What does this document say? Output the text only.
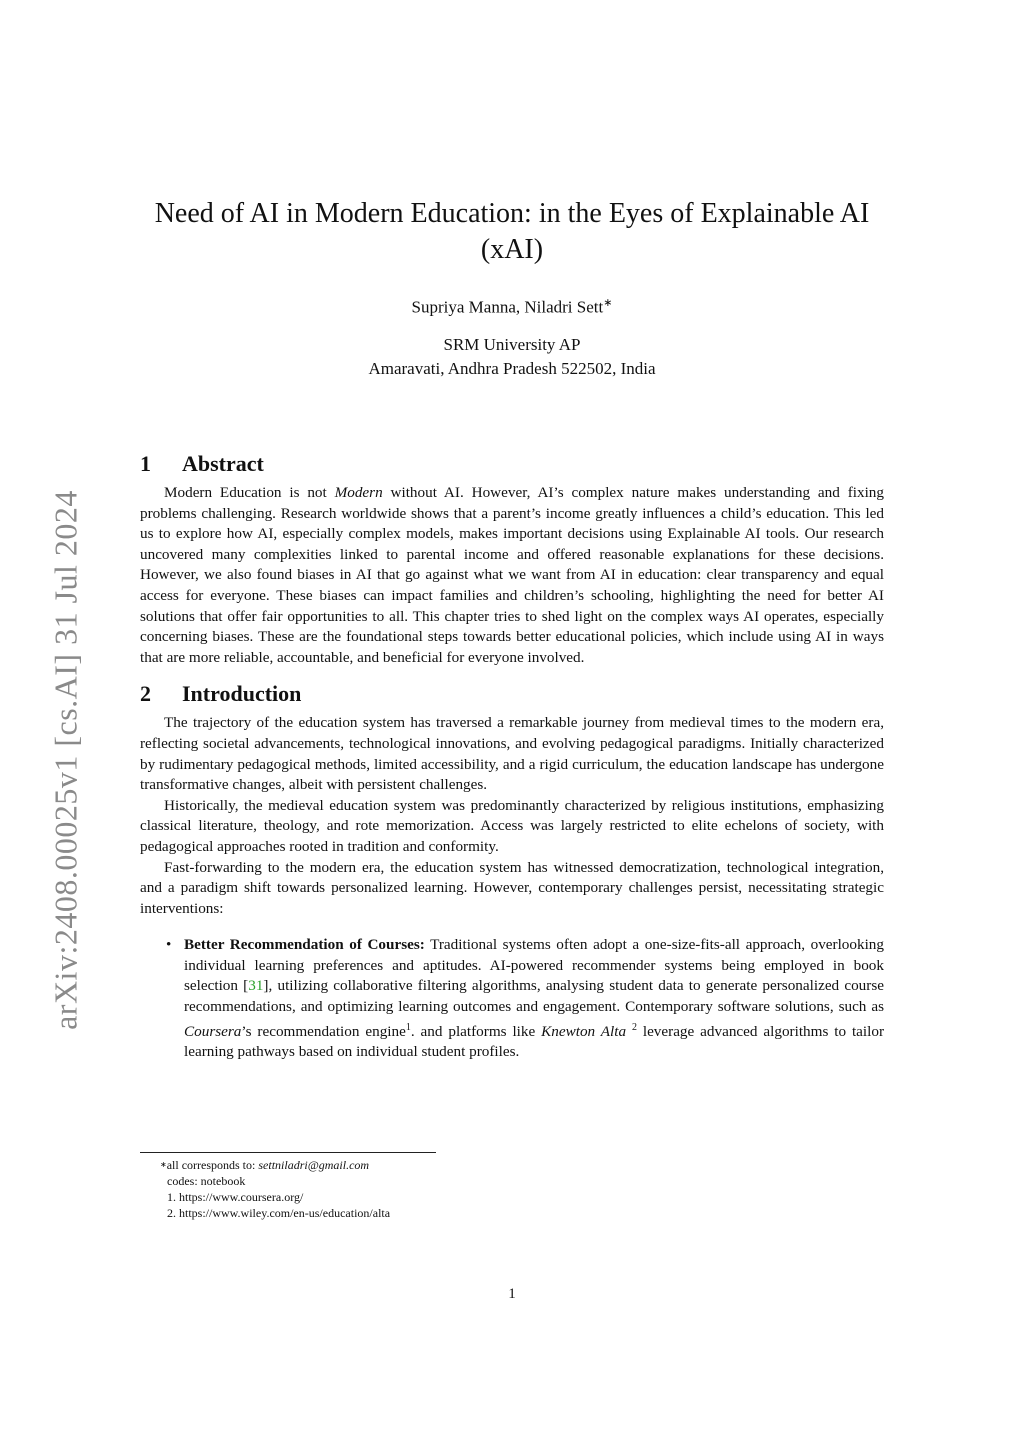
arXiv:2408.00025v1 [cs.AI] 31 Jul 2024
Need of AI in Modern Education: in the Eyes of Explainable AI (xAI)
Supriya Manna, Niladri Sett∗
SRM University AP
Amaravati, Andhra Pradesh 522502, India
1 Abstract

Modern Education is not Modern without AI. However, AI’s complex nature makes understanding and fixing problems challenging. Research worldwide shows that a parent’s income greatly influences a child’s education. This led us to explore how AI, especially complex models, makes important decisions using Explainable AI tools. Our research uncovered many complexities linked to parental income and offered reasonable explanations for these decisions. However, we also found biases in AI that go against what we want from AI in education: clear transparency and equal access for everyone. These biases can impact families and children’s schooling, highlighting the need for better AI solutions that offer fair opportunities to all. This chapter tries to shed light on the complex ways AI operates, especially concerning biases. These are the foundational steps towards better educational policies, which include using AI in ways that are more reliable, accountable, and beneficial for everyone involved.

2 Introduction

The trajectory of the education system has traversed a remarkable journey from medieval times to the modern era, reflecting societal advancements, technological innovations, and evolving pedagogical paradigms. Initially characterized by rudimentary pedagogical methods, limited accessibility, and a rigid curriculum, the education landscape has undergone transformative changes, albeit with persistent challenges.

Historically, the medieval education system was predominantly characterized by religious institutions, emphasizing classical literature, theology, and rote memorization. Access was largely restricted to elite echelons of society, with pedagogical approaches rooted in tradition and conformity.

Fast-forwarding to the modern era, the education system has witnessed democratization, technological integration, and a paradigm shift towards personalized learning. However, contemporary challenges persist, necessitating strategic interventions:

• Better Recommendation of Courses: Traditional systems often adopt a one-size-fits-all approach, overlooking individual learning preferences and aptitudes. AI-powered recommender systems being employed in book selection [31], utilizing collaborative filtering algorithms, analysing student data to generate personalized course recommendations, and optimizing learning outcomes and engagement. Contemporary software solutions, such as Coursera’s recommendation engine$^1$. and platforms like Knewton Alta $^2$ leverage advanced algorithms to tailor learning pathways based on individual student profiles.
∗all corresponds to: settniladri@gmail.com
codes: notebook
1. https://www.coursera.org/
2. https://www.wiley.com/en-us/education/alta
1
